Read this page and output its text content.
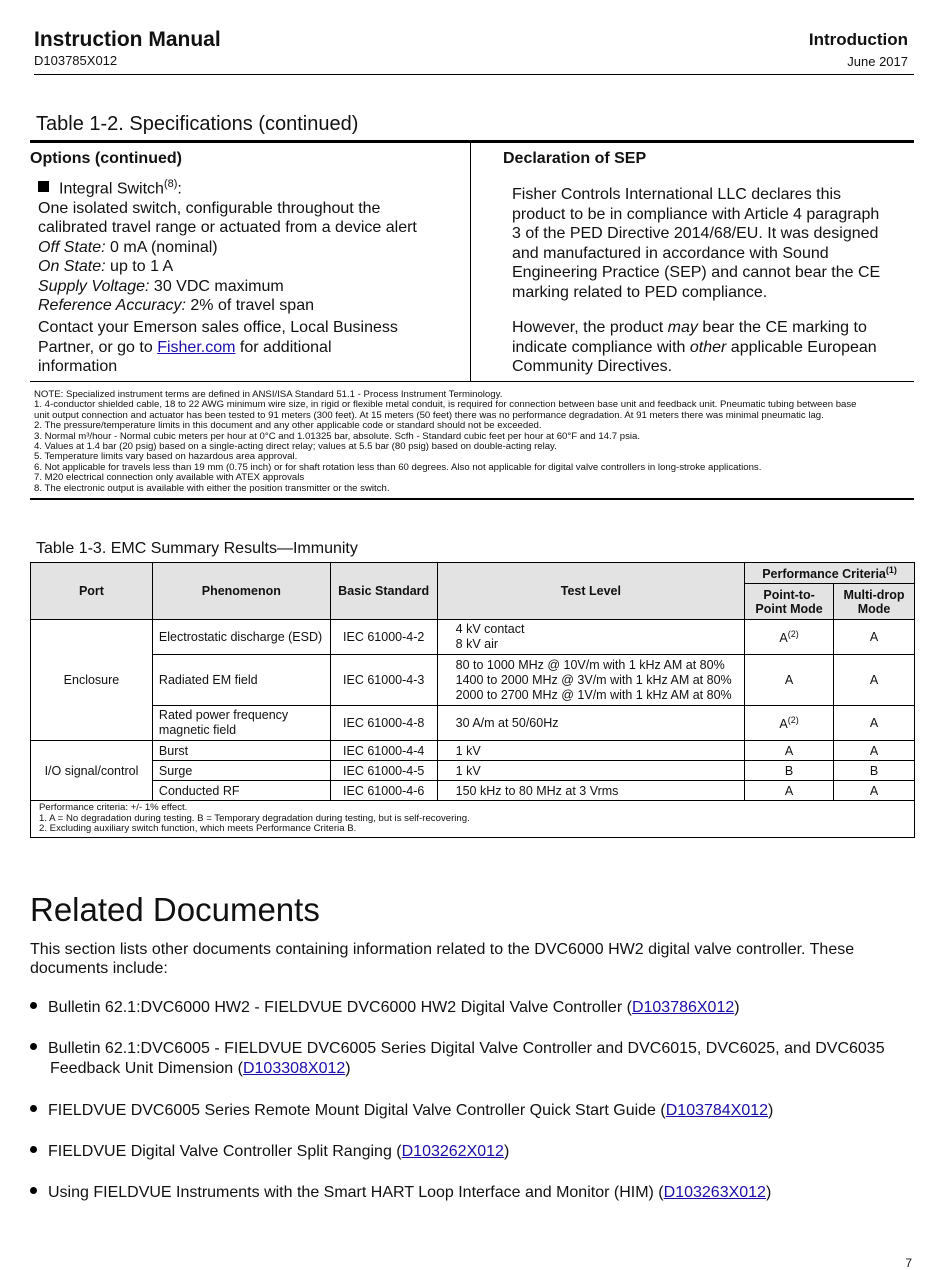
Instruction Manual
D103785X012
Introduction
June 2017
Table 1-2. Specifications (continued)
Options (continued)
Integral Switch$^{(8)}$:
One isolated switch, configurable throughout the
calibrated travel range or actuated from a device alert
Off State: 0 mA (nominal)
On State: up to 1 A
Supply Voltage: 30 VDC maximum
Reference Accuracy: 2% of travel span
Contact your Emerson sales office, Local Business
Partner, or go to Fisher.com for additional
information
Declaration of SEP
Fisher Controls International LLC declares this
product to be in compliance with Article 4 paragraph
3 of the PED Directive 2014/68/EU. It was designed
and manufactured in accordance with Sound
Engineering Practice (SEP) and cannot bear the CE
marking related to PED compliance.
However, the product may bear the CE marking to
indicate compliance with other applicable European
Community Directives.
NOTE: Specialized instrument terms are defined in ANSI/ISA Standard 51.1 - Process Instrument Terminology.
1. 4-conductor shielded cable, 18 to 22 AWG minimum wire size, in rigid or flexible metal conduit, is required for connection between base unit and feedback unit. Pneumatic tubing between base
unit output connection and actuator has been tested to 91 meters (300 feet). At 15 meters (50 feet) there was no performance degradation. At 91 meters there was minimal pneumatic lag.
2. The pressure/temperature limits in this document and any other applicable code or standard should not be exceeded.
3. Normal m³/hour - Normal cubic meters per hour at 0°C and 1.01325 bar, absolute. Scfh - Standard cubic feet per hour at 60°F and 14.7 psia.
4. Values at 1.4 bar (20 psig) based on a single-acting direct relay; values at 5.5 bar (80 psig) based on double-acting relay.
5. Temperature limits vary based on hazardous area approval.
6. Not applicable for travels less than 19 mm (0.75 inch) or for shaft rotation less than 60 degrees. Also not applicable for digital valve controllers in long-stroke applications.
7. M20 electrical connection only available with ATEX approvals
8. The electronic output is available with either the position transmitter or the switch.
Table 1-3. EMC Summary Results—Immunity
Port	Phenomenon	Basic Standard	Test Level	Performance Criteria$^{(1)}$
				Point-to-Point Mode	Multi-drop Mode
Enclosure	Electrostatic discharge (ESD)	IEC 61000-4-2	4 kV contact
8 kV air	$A^{(2)}$	A
	Radiated EM field	IEC 61000-4-3	80 to 1000 MHz @ 10V/m with 1 kHz AM at 80%
1400 to 2000 MHz @ 3V/m with 1 kHz AM at 80%
2000 to 2700 MHz @ 1V/m with 1 kHz AM at 80%	A	A
	Rated power frequency magnetic field	IEC 61000-4-8	30 A/m at 50/60Hz	$A^{(2)}$	A
I/O signal/control	Burst	IEC 61000-4-4	1 kV	A	A
	Surge	IEC 61000-4-5	1 kV	B	B
	Conducted RF	IEC 61000-4-6	150 kHz to 80 MHz at 3 Vrms	A	A

Performance criteria: +/- 1% effect.
1. A = No degradation during testing. B = Temporary degradation during testing, but is self-recovering.
2. Excluding auxiliary switch function, which meets Performance Criteria B.					
Related Documents
This section lists other documents containing information related to the DVC6000 HW2 digital valve controller. These documents include:
Bulletin 62.1:DVC6000 HW2 - FIELDVUE DVC6000 HW2 Digital Valve Controller (D103786X012)
Bulletin 62.1:DVC6005 - FIELDVUE DVC6005 Series Digital Valve Controller and DVC6015, DVC6025, and DVC6035
Feedback Unit Dimension (D103308X012)
FIELDVUE DVC6005 Series Remote Mount Digital Valve Controller Quick Start Guide (D103784X012)
FIELDVUE Digital Valve Controller Split Ranging (D103262X012)
Using FIELDVUE Instruments with the Smart HART Loop Interface and Monitor (HIM) (D103263X012)
7
